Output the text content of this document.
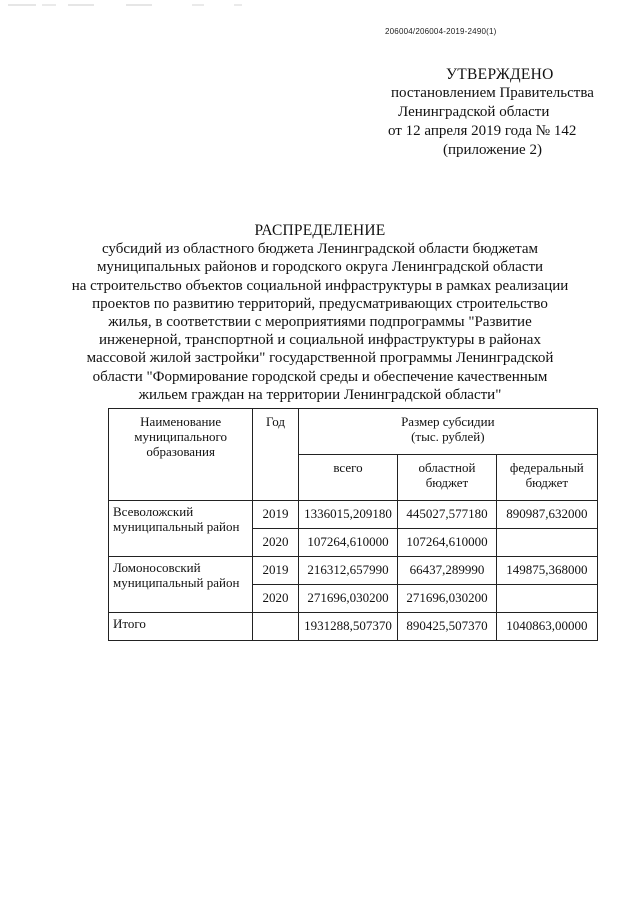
206004/206004-2019-2490(1)
УТВЕРЖДЕНО
постановлением Правительства
Ленинградской области
от 12 апреля 2019 года № 142
(приложение 2)
РАСПРЕДЕЛЕНИЕ
субсидий из областного бюджета Ленинградской области бюджетам
муниципальных районов и городского округа Ленинградской области
на строительство объектов социальной инфраструктуры в рамках реализации
проектов по развитию территорий, предусматривающих строительство
жилья, в соответствии с мероприятиями подпрограммы "Развитие
инженерной, транспортной и социальной инфраструктуры в районах
массовой жилой застройки" государственной программы Ленинградской
области "Формирование городской среды и обеспечение качественным
жильем граждан на территории Ленинградской области"
Наименование муниципального образования	Год	Размер субсидии
(тыс. рублей)		

		всего	областной бюджет	федеральный бюджет
Всеволожский муниципальный район	2019	1336015,209180	445027,577180	890987,632000
	2020	107264,610000	107264,610000	
Ломоносовский муниципальный район	2019	216312,657990	66437,289990	149875,368000
	2020	271696,030200	271696,030200	
Итого		1931288,507370	890425,507370	1040863,00000
